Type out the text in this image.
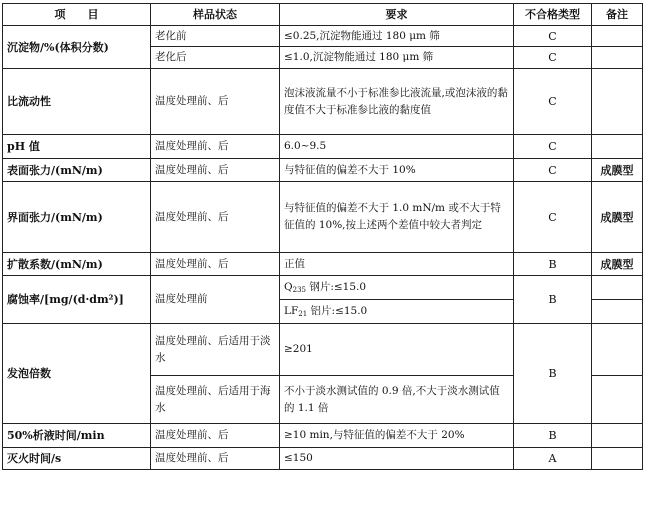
项　　目	样品状态	要求	不合格类型	备注
沉淀物/%(体积分数)	老化前	≤0.25,沉淀物能通过 180 μm 筛	C	
	老化后	≤1.0,沉淀物能通过 180 μm 筛	C	
比流动性	温度处理前、后	泡沫液流量不小于标准参比液流量,或泡沫液的黏度值不大于标准参比液的黏度值	C	
pH 值	温度处理前、后	6.0~9.5	C	
表面张力/(mN/m)	温度处理前、后	与特征值的偏差不大于 10%	C	成膜型
界面张力/(mN/m)	温度处理前、后	与特征值的偏差不大于 1.0 mN/m 或不大于特征值的 10%,按上述两个差值中较大者判定	C	成膜型
扩散系数/(mN/m)	温度处理前、后	正值	B	成膜型
腐蚀率/[mg/(d·dm²)]	温度处理前	$Q_{235}$ 钢片:≤15.0	B	
		$LF_{21}$ 铝片:≤15.0		
发泡倍数	温度处理前、后适用于淡水	≥201	B	
	温度处理前、后适用于海水	不小于淡水测试值的 0.9 倍,不大于淡水测试值的 1.1 倍		
50%析液时间/min	温度处理前、后	≥10 min,与特征值的偏差不大于 20%	B	
灭火时间/s	温度处理前、后	≤150	A	
